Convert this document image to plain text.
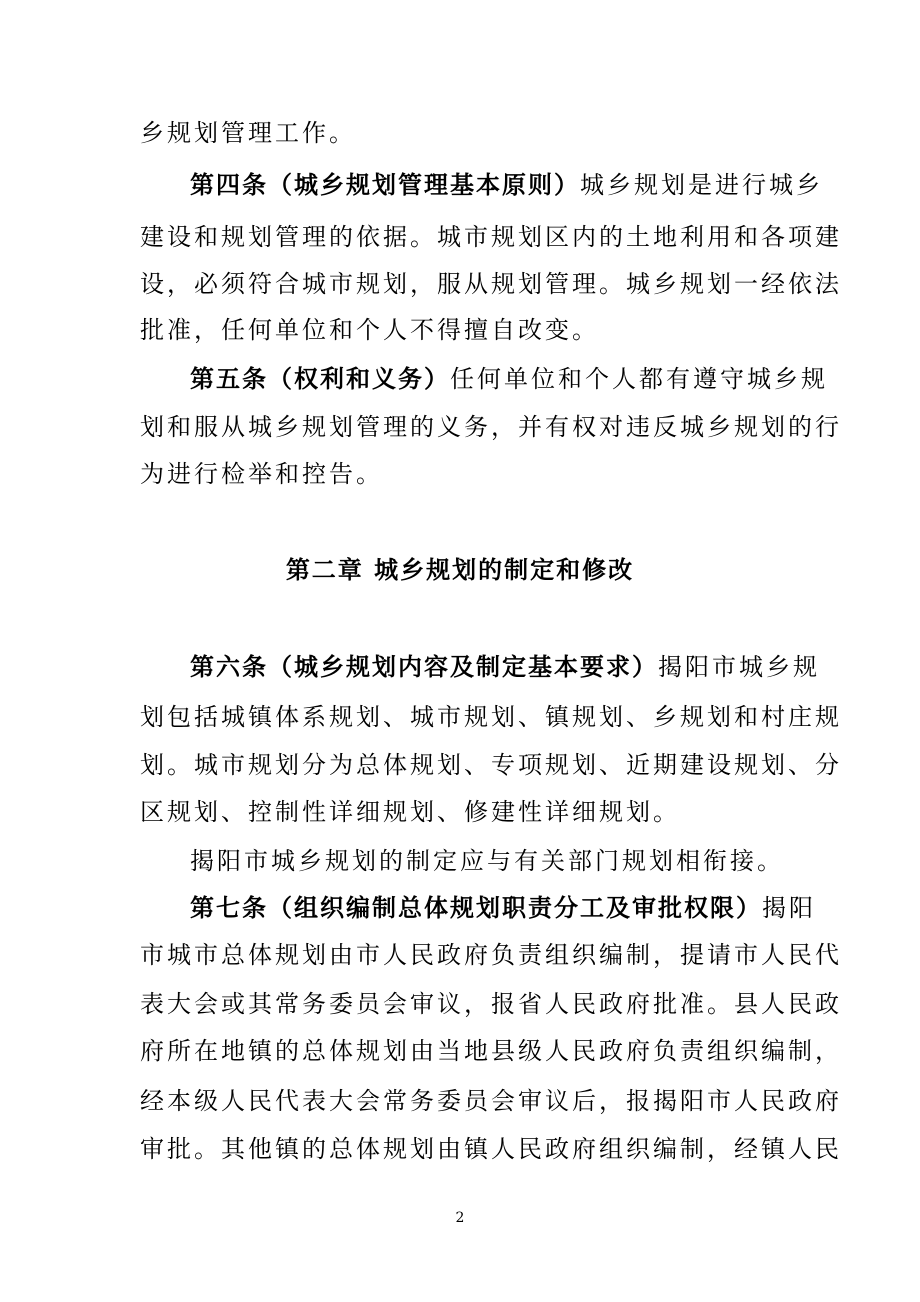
乡规划管理工作。
第四条（城乡规划管理基本原则）城乡规划是进行城乡
建设和规划管理的依据。城市规划区内的土地利用和各项建
设，必须符合城市规划，服从规划管理。城乡规划一经依法
批准，任何单位和个人不得擅自改变。
第五条（权利和义务）任何单位和个人都有遵守城乡规
划和服从城乡规划管理的义务，并有权对违反城乡规划的行
为进行检举和控告。
第二章 城乡规划的制定和修改
第六条（城乡规划内容及制定基本要求）揭阳市城乡规
划包括城镇体系规划、城市规划、镇规划、乡规划和村庄规
划。城市规划分为总体规划、专项规划、近期建设规划、分
区规划、控制性详细规划、修建性详细规划。
揭阳市城乡规划的制定应与有关部门规划相衔接。
第七条（组织编制总体规划职责分工及审批权限）揭阳
市城市总体规划由市人民政府负责组织编制，提请市人民代
表大会或其常务委员会审议，报省人民政府批准。县人民政
府所在地镇的总体规划由当地县级人民政府负责组织编制，
经本级人民代表大会常务委员会审议后，报揭阳市人民政府
审批。其他镇的总体规划由镇人民政府组织编制，经镇人民
2
